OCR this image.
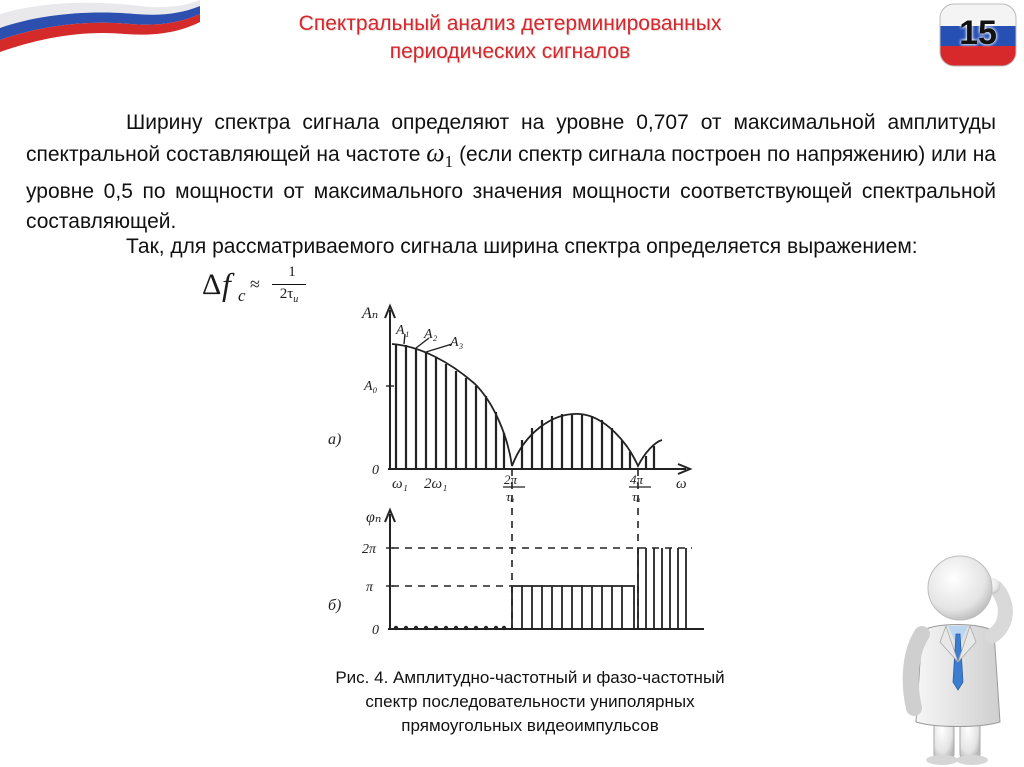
15
Спектральный анализ детерминированных
периодических сигналов

Ширину спектра сигнала определяют на уровне 0,707 от максимальной амплитуды спектральной составляющей на частоте $\omega_1$ (если спектр сигнала построен по напряжению) или на уровне 0,5 по мощности от максимального значения мощности соответствующей спектральной составляющей.

Так, для рассматриваемого сигнала ширина спектра определяется выражением:

Δ f c
≈
1
$2\tau_и$
а)
б)
Aₙ
A₁ A₂
A₃
A₀
0
ω₁ 2ω₁	2π
τᵤ
4π
τᵤ
ω
φₙ
2π
π
0
Рис. 4. Амплитудно-частотный и фазо-частотный
спектр последовательности униполярных
прямоугольных видеоимпульсов
